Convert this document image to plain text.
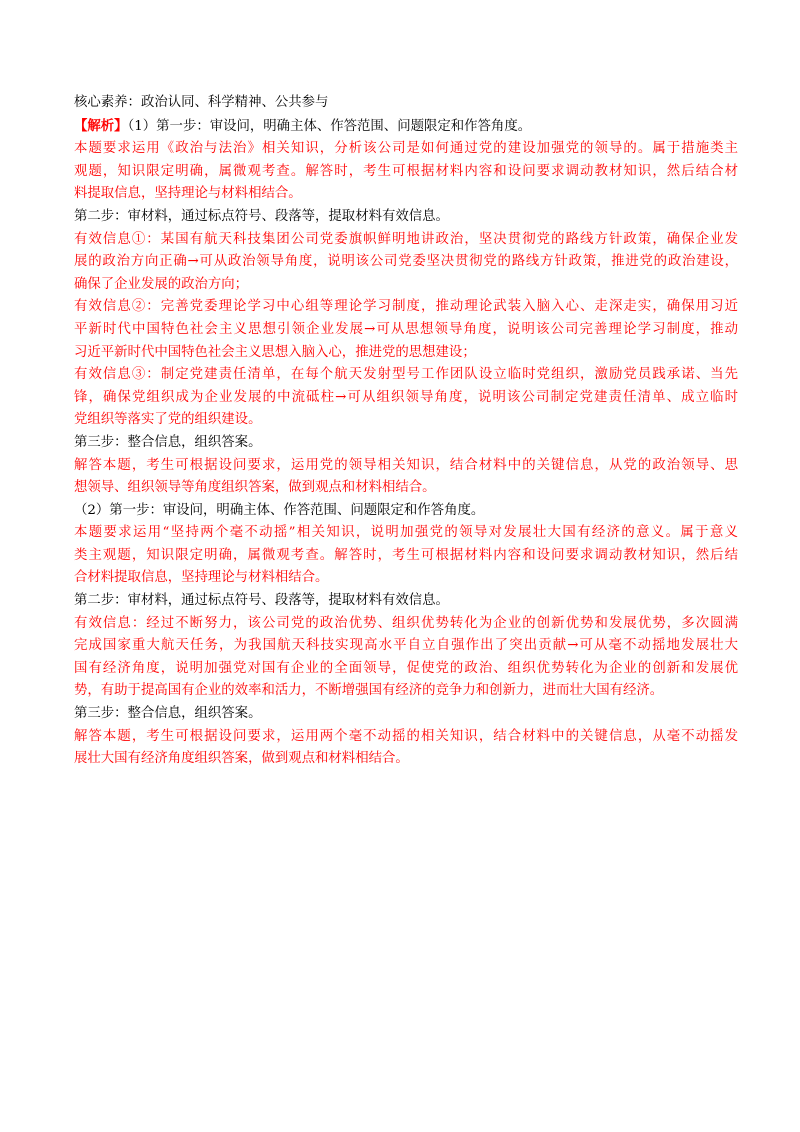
核心素养：政治认同、科学精神、公共参与
【解析】（1）第一步：审设问，明确主体、作答范围、问题限定和作答角度。
本题要求运用《政治与法治》相关知识，分析该公司是如何通过党的建设加强党的领导的。属于措施类主
观题，知识限定明确，属微观考查。解答时，考生可根据材料内容和设问要求调动教材知识，然后结合材
料提取信息，坚持理论与材料相结合。
第二步：审材料，通过标点符号、段落等，提取材料有效信息。
有效信息①：某国有航天科技集团公司党委旗帜鲜明地讲政治，坚决贯彻党的路线方针政策，确保企业发
展的政治方向正确→可从政治领导角度，说明该公司党委坚决贯彻党的路线方针政策，推进党的政治建设，
确保了企业发展的政治方向；
有效信息②：完善党委理论学习中心组等理论学习制度，推动理论武装入脑入心、走深走实，确保用习近
平新时代中国特色社会主义思想引领企业发展→可从思想领导角度，说明该公司完善理论学习制度，推动
习近平新时代中国特色社会主义思想入脑入心，推进党的思想建设；
有效信息③：制定党建责任清单，在每个航天发射型号工作团队设立临时党组织，激励党员践承诺、当先
锋，确保党组织成为企业发展的中流砥柱→可从组织领导角度，说明该公司制定党建责任清单、成立临时
党组织等落实了党的组织建设。
第三步：整合信息，组织答案。
解答本题，考生可根据设问要求，运用党的领导相关知识，结合材料中的关键信息，从党的政治领导、思
想领导、组织领导等角度组织答案，做到观点和材料相结合。
（2）第一步：审设问，明确主体、作答范围、问题限定和作答角度。
本题要求运用“坚持两个毫不动摇”相关知识，说明加强党的领导对发展壮大国有经济的意义。属于意义
类主观题，知识限定明确，属微观考查。解答时，考生可根据材料内容和设问要求调动教材知识，然后结
合材料提取信息，坚持理论与材料相结合。
第二步：审材料，通过标点符号、段落等，提取材料有效信息。
有效信息：经过不断努力，该公司党的政治优势、组织优势转化为企业的创新优势和发展优势，多次圆满
完成国家重大航天任务，为我国航天科技实现高水平自立自强作出了突出贡献→可从毫不动摇地发展壮大
国有经济角度，说明加强党对国有企业的全面领导，促使党的政治、组织优势转化为企业的创新和发展优
势，有助于提高国有企业的效率和活力，不断增强国有经济的竞争力和创新力，进而壮大国有经济。
第三步：整合信息，组织答案。
解答本题，考生可根据设问要求，运用两个毫不动摇的相关知识，结合材料中的关键信息，从毫不动摇发
展壮大国有经济角度组织答案，做到观点和材料相结合。
